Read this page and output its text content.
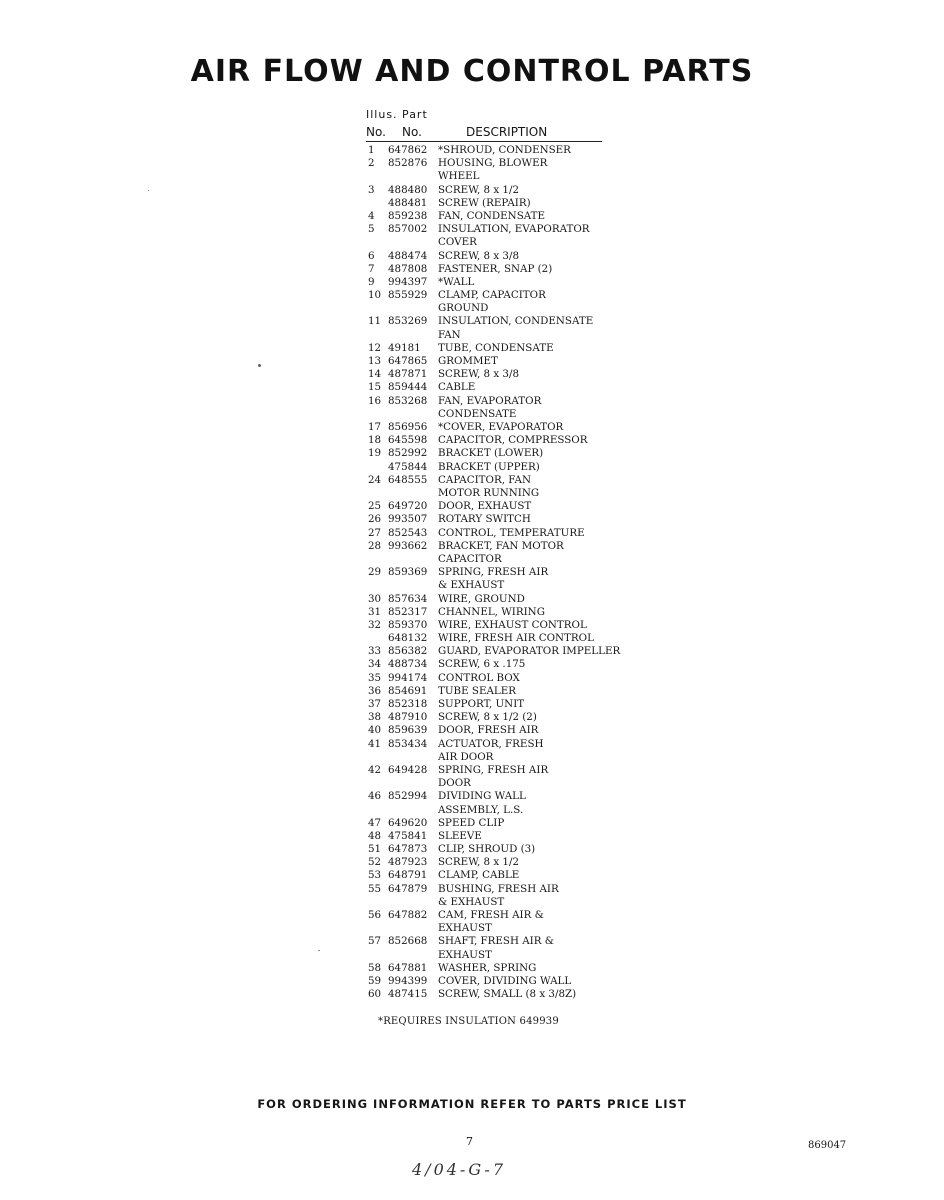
AIR FLOW AND CONTROL PARTS
Illus. Part
No. No.	DESCRIPTION
1	647862 *SHROUD, CONDENSER
2	852876 HOUSING, BLOWER
WHEEL
3	488480 SCREW, 8 x 1/2
488481 SCREW (REPAIR)
4	859238 FAN, CONDENSATE
5	857002 INSULATION, EVAPORATOR
COVER
6	488474 SCREW, 8 x 3/8
7	487808 FASTENER, SNAP (2)
9	994397 *WALL
10 855929 CLAMP, CAPACITOR
GROUND
11 853269 INSULATION, CONDENSATE
FAN
12 49181 TUBE, CONDENSATE
13 647865 GROMMET
14 487871 SCREW, 8 x 3/8
15 859444 CABLE
16 853268 FAN, EVAPORATOR
CONDENSATE
17 856956 *COVER, EVAPORATOR
18 645598 CAPACITOR, COMPRESSOR
19 852992 BRACKET (LOWER)
475844 BRACKET (UPPER)
24 648555 CAPACITOR, FAN
MOTOR RUNNING
25 649720 DOOR, EXHAUST
26 993507 ROTARY SWITCH
27 852543 CONTROL, TEMPERATURE
28 993662 BRACKET, FAN MOTOR
CAPACITOR
29 859369 SPRING, FRESH AIR
& EXHAUST
30 857634 WIRE, GROUND
31 852317 CHANNEL, WIRING
32 859370 WIRE, EXHAUST CONTROL
648132 WIRE, FRESH AIR CONTROL
33 856382 GUARD, EVAPORATOR IMPELLER
34 488734 SCREW, 6 x .175
35 994174 CONTROL BOX
36 854691 TUBE SEALER
37 852318 SUPPORT, UNIT
38 487910 SCREW, 8 x 1/2 (2)
40 859639 DOOR, FRESH AIR
41 853434 ACTUATOR, FRESH
AIR DOOR
42 649428 SPRING, FRESH AIR
DOOR
46 852994 DIVIDING WALL
ASSEMBLY, L.S.
47 649620 SPEED CLIP
48 475841 SLEEVE
51 647873 CLIP, SHROUD (3)
52 487923 SCREW, 8 x 1/2
53 648791 CLAMP, CABLE
55 647879 BUSHING, FRESH AIR
& EXHAUST
56 647882 CAM, FRESH AIR &
EXHAUST
57 852668 SHAFT, FRESH AIR &
EXHAUST
58 647881 WASHER, SPRING
59 994399 COVER, DIVIDING WALL
60 487415 SCREW, SMALL (8 x 3/8Z)
*REQUIRES INSULATION 649939
FOR ORDERING INFORMATION REFER TO PARTS PRICE LIST
7	869047
4/04-G-7
